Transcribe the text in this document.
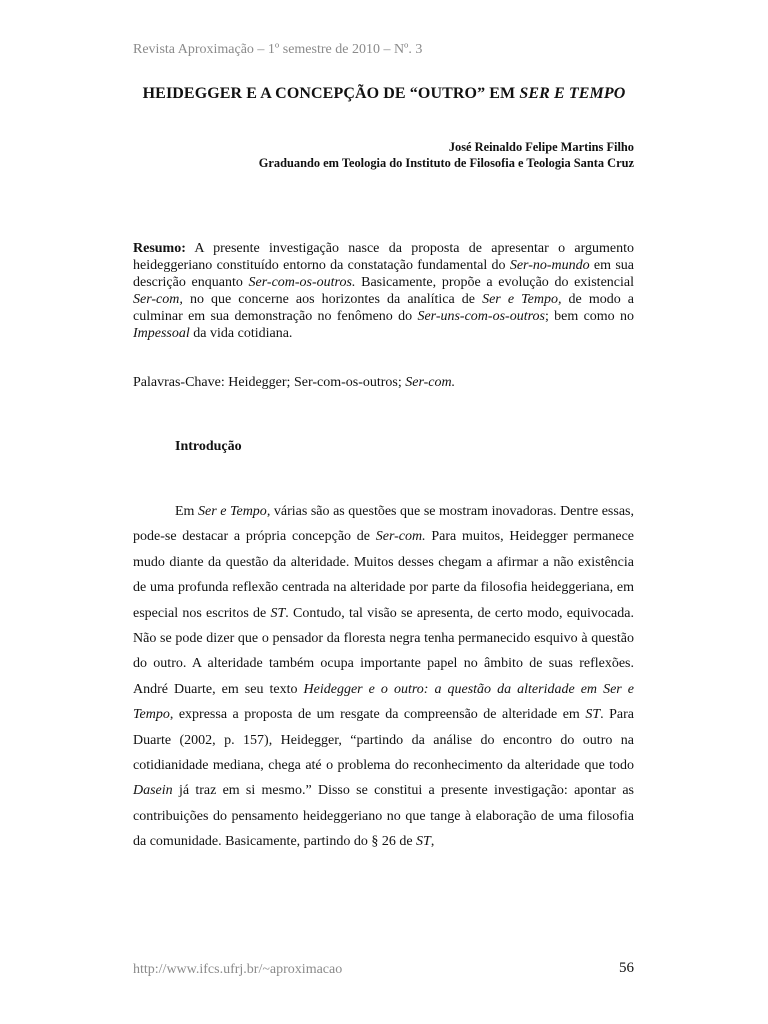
Revista Aproximação – 1º semestre de 2010 – Nº. 3
HEIDEGGER E A CONCEPÇÃO DE “OUTRO” EM SER E TEMPO
José Reinaldo Felipe Martins Filho
Graduando em Teologia do Instituto de Filosofia e Teologia Santa Cruz
Resumo: A presente investigação nasce da proposta de apresentar o argumento heideggeriano constituído entorno da constatação fundamental do Ser-no-mundo em sua descrição enquanto Ser-com-os-outros. Basicamente, propõe a evolução do existencial Ser-com, no que concerne aos horizontes da analítica de Ser e Tempo, de modo a culminar em sua demonstração no fenômeno do Ser-uns-com-os-outros; bem como no Impessoal da vida cotidiana.
Palavras-Chave: Heidegger; Ser-com-os-outros; Ser-com.
Introdução
Em Ser e Tempo, várias são as questões que se mostram inovadoras. Dentre essas, pode-se destacar a própria concepção de Ser-com. Para muitos, Heidegger permanece mudo diante da questão da alteridade. Muitos desses chegam a afirmar a não existência de uma profunda reflexão centrada na alteridade por parte da filosofia heideggeriana, em especial nos escritos de ST. Contudo, tal visão se apresenta, de certo modo, equivocada. Não se pode dizer que o pensador da floresta negra tenha permanecido esquivo à questão do outro. A alteridade também ocupa importante papel no âmbito de suas reflexões. André Duarte, em seu texto Heidegger e o outro: a questão da alteridade em Ser e Tempo, expressa a proposta de um resgate da compreensão de alteridade em ST. Para Duarte (2002, p. 157), Heidegger, “partindo da análise do encontro do outro na cotidianidade mediana, chega até o problema do reconhecimento da alteridade que todo Dasein já traz em si mesmo.” Disso se constitui a presente investigação: apontar as contribuições do pensamento heideggeriano no que tange à elaboração de uma filosofia da comunidade. Basicamente, partindo do § 26 de ST,
http://www.ifcs.ufrj.br/~aproximacao	56
